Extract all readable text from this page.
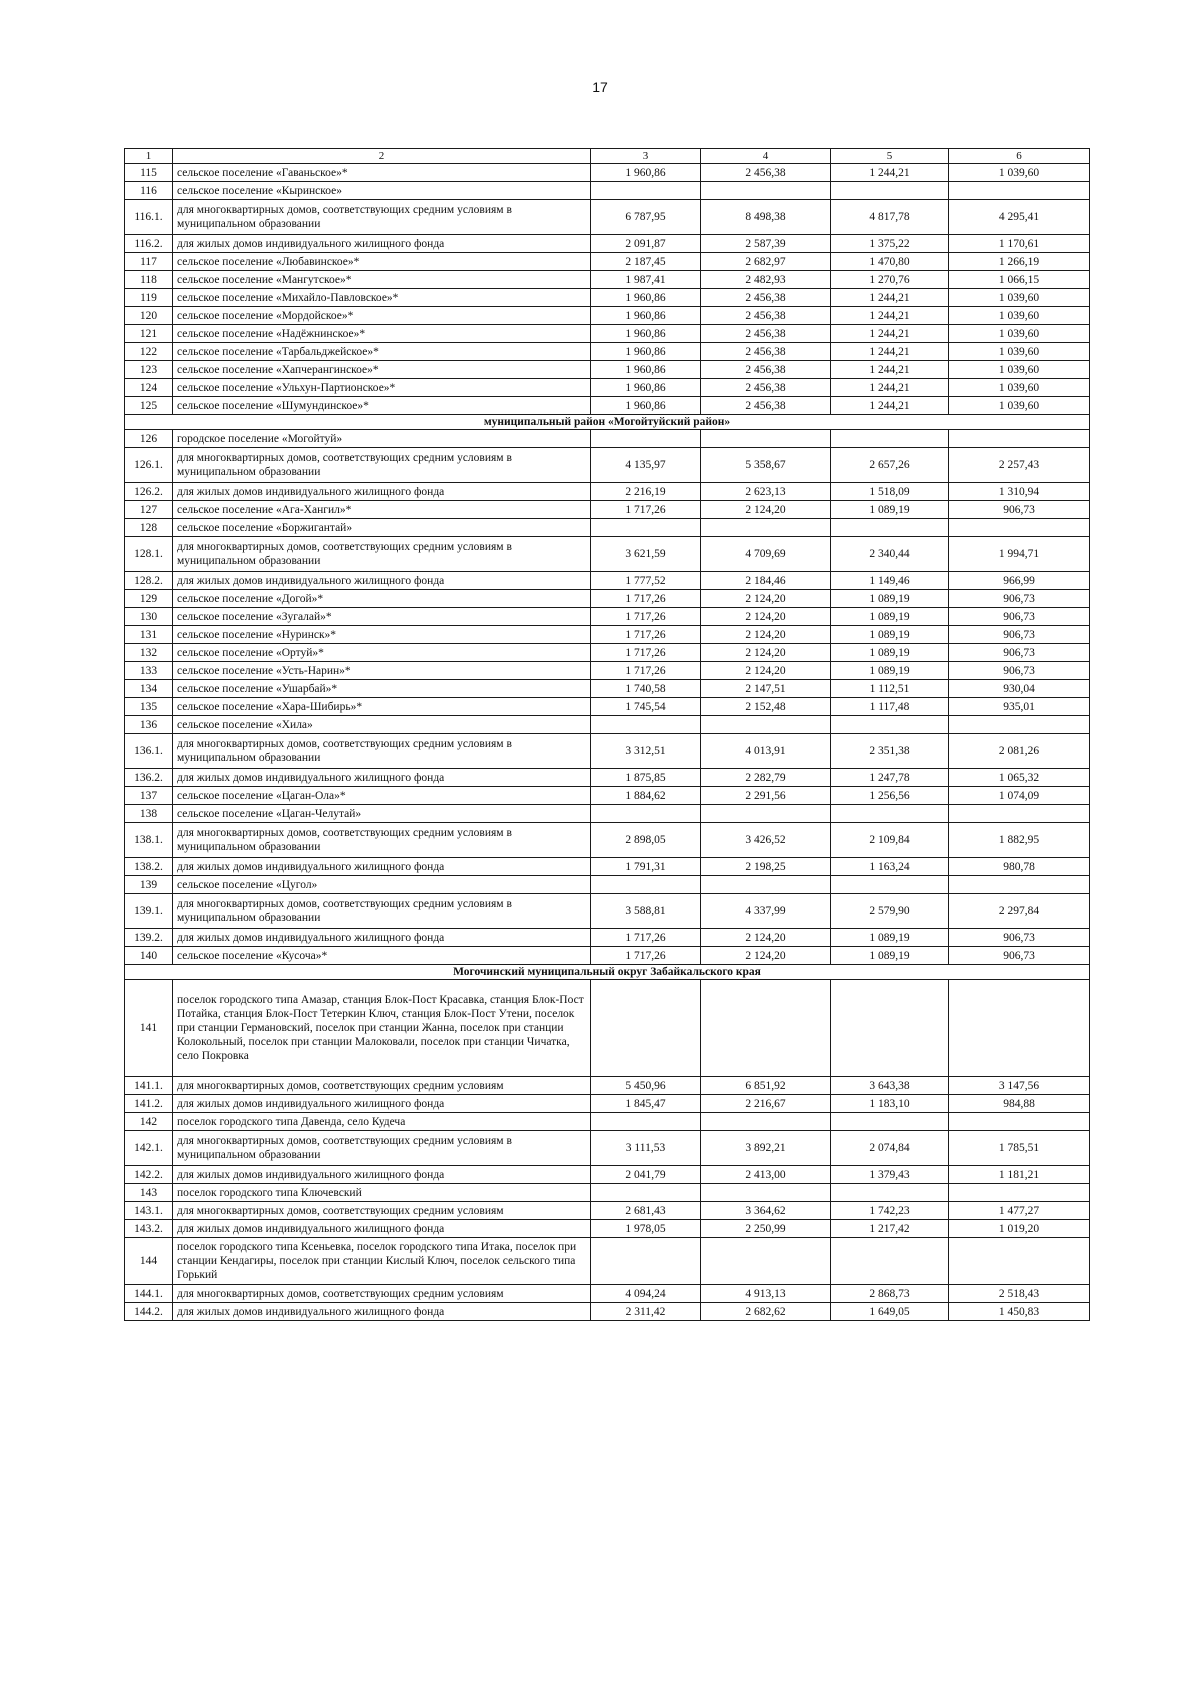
17
1	2	3	4	5	6
115	сельское поселение «Гаваньское»*	1 960,86	2 456,38	1 244,21	1 039,60
116	сельское поселение «Кыринское»				
116.1.	для многоквартирных домов, соответствующих средним условиям в муниципальном образовании	6 787,95	8 498,38	4 817,78	4 295,41
116.2.	для жилых домов индивидуального жилищного фонда	2 091,87	2 587,39	1 375,22	1 170,61
117	сельское поселение «Любавинское»*	2 187,45	2 682,97	1 470,80	1 266,19
118	сельское поселение «Мангутское»*	1 987,41	2 482,93	1 270,76	1 066,15
119	сельское поселение «Михайло-Павловское»*	1 960,86	2 456,38	1 244,21	1 039,60
120	сельское поселение «Мордойское»*	1 960,86	2 456,38	1 244,21	1 039,60
121	сельское поселение «Надёжнинское»*	1 960,86	2 456,38	1 244,21	1 039,60
122	сельское поселение «Тарбальджейское»*	1 960,86	2 456,38	1 244,21	1 039,60
123	сельское поселение «Хапчерангинское»*	1 960,86	2 456,38	1 244,21	1 039,60
124	сельское поселение «Ульхун-Партионское»*	1 960,86	2 456,38	1 244,21	1 039,60
125	сельское поселение «Шумундинское»*	1 960,86	2 456,38	1 244,21	1 039,60
муниципальный район «Могойтуйский район»					
126	городское поселение «Могойтуй»				
126.1.	для многоквартирных домов, соответствующих средним условиям в муниципальном образовании	4 135,97	5 358,67	2 657,26	2 257,43
126.2.	для жилых домов индивидуального жилищного фонда	2 216,19	2 623,13	1 518,09	1 310,94
127	сельское поселение «Ага-Хангил»*	1 717,26	2 124,20	1 089,19	906,73
128	сельское поселение «Боржигантай»				
128.1.	для многоквартирных домов, соответствующих средним условиям в муниципальном образовании	3 621,59	4 709,69	2 340,44	1 994,71
128.2.	для жилых домов индивидуального жилищного фонда	1 777,52	2 184,46	1 149,46	966,99
129	сельское поселение «Догой»*	1 717,26	2 124,20	1 089,19	906,73
130	сельское поселение «Зугалай»*	1 717,26	2 124,20	1 089,19	906,73
131	сельское поселение «Нуринск»*	1 717,26	2 124,20	1 089,19	906,73
132	сельское поселение «Ортуй»*	1 717,26	2 124,20	1 089,19	906,73
133	сельское поселение «Усть-Нарин»*	1 717,26	2 124,20	1 089,19	906,73
134	сельское поселение «Ушарбай»*	1 740,58	2 147,51	1 112,51	930,04
135	сельское поселение «Хара-Шибирь»*	1 745,54	2 152,48	1 117,48	935,01
136	сельское поселение «Хила»				
136.1.	для многоквартирных домов, соответствующих средним условиям в муниципальном образовании	3 312,51	4 013,91	2 351,38	2 081,26
136.2.	для жилых домов индивидуального жилищного фонда	1 875,85	2 282,79	1 247,78	1 065,32
137	сельское поселение «Цаган-Ола»*	1 884,62	2 291,56	1 256,56	1 074,09
138	сельское поселение «Цаган-Челутай»				
138.1.	для многоквартирных домов, соответствующих средним условиям в муниципальном образовании	2 898,05	3 426,52	2 109,84	1 882,95
138.2.	для жилых домов индивидуального жилищного фонда	1 791,31	2 198,25	1 163,24	980,78
139	сельское поселение «Цугол»				
139.1.	для многоквартирных домов, соответствующих средним условиям в муниципальном образовании	3 588,81	4 337,99	2 579,90	2 297,84
139.2.	для жилых домов индивидуального жилищного фонда	1 717,26	2 124,20	1 089,19	906,73
140	сельское поселение «Кусоча»*	1 717,26	2 124,20	1 089,19	906,73
Могочинский муниципальный округ Забайкальского края					
141	поселок городского типа Амазар, станция Блок-Пост Красавка, станция Блок-Пост Потайка, станция Блок-Пост Тетеркин Ключ, станция Блок-Пост Утени, поселок при станции Германовский, поселок при станции Жанна, поселок при станции Колокольный, поселок при станции Малоковали, поселок при станции Чичатка, село Покровка				
141.1.	для многоквартирных домов, соответствующих средним условиям	5 450,96	6 851,92	3 643,38	3 147,56
141.2.	для жилых домов индивидуального жилищного фонда	1 845,47	2 216,67	1 183,10	984,88
142	поселок городского типа Давенда, село Кудеча				
142.1.	для многоквартирных домов, соответствующих средним условиям в муниципальном образовании	3 111,53	3 892,21	2 074,84	1 785,51
142.2.	для жилых домов индивидуального жилищного фонда	2 041,79	2 413,00	1 379,43	1 181,21
143	поселок городского типа Ключевский				
143.1.	для многоквартирных домов, соответствующих средним условиям	2 681,43	3 364,62	1 742,23	1 477,27
143.2.	для жилых домов индивидуального жилищного фонда	1 978,05	2 250,99	1 217,42	1 019,20
144	поселок городского типа Ксеньевка, поселок городского типа Итака, поселок при станции Кендагиры, поселок при станции Кислый Ключ, поселок сельского типа Горький				
144.1.	для многоквартирных домов, соответствующих средним условиям	4 094,24	4 913,13	2 868,73	2 518,43
144.2.	для жилых домов индивидуального жилищного фонда	2 311,42	2 682,62	1 649,05	1 450,83
